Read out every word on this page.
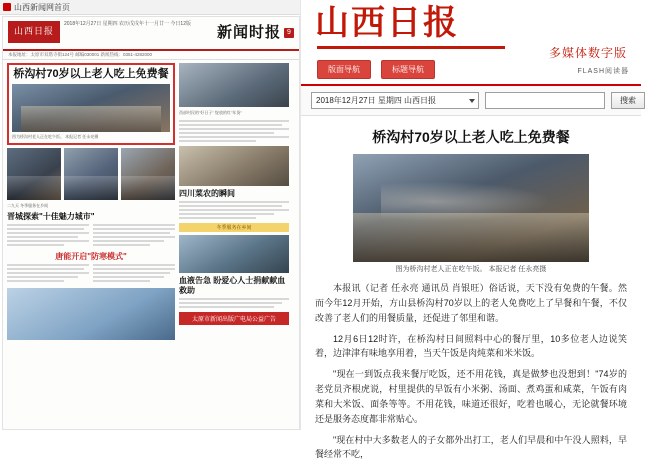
山西新闻网首页
山西日报
2018年12月27日 星期四 农历戊戌年十一月廿一 今日12版	新闻时报 9
本报地址：太原市双塔寺街124号 邮编030001 新闻热线：0351-4282000
桥沟村70岁以上老人吃上免费餐
图为桥沟村老人正在吃午饭。 本报记者 任永亮摄
二九天 冬季服务在乡间
晋城探索"十佳魅力城市"
唐能开启"防寒模式"
西部村民的"好日子" 绽放的红"年货"
四川菜农的瞬间
冬季服务在乡间
血液告急 盼爱心人士捐献献血救助
太原市新闻出版广电局公益广告
山西日报
多媒体数字版
版面导航	标题导航	FLASH阅读器
2018年12月27日 星期四 山西日报	搜索
桥沟村70岁以上老人吃上免费餐
图为桥沟村老人正在吃午饭。 本报记者 任永亮摄

本报讯（记者 任永亮 通讯员 肖银旺）俗话说，天下没有免费的午餐。然而今年12月开始，方山县桥沟村70岁以上的老人免费吃上了早餐和午餐，不仅改善了老人们的用餐质量，还促进了邻里和谐。

12月6日12时许，在桥沟村日间照料中心的餐厅里，10多位老人边说笑着，边津津有味地享用着，当天午饭是肉炖菜和米米饭。

"现在一到饭点我来餐厅吃饭，还不用花钱，真是做梦也没想到！"74岁的老党员齐根虎说，村里提供的早饭有小米粥、汤面、煮鸡蛋和咸菜，午饭有肉菜和大米饭、面条等等。不用花钱，味道还很好，吃着也暖心，无论就餐环境还是服务态度都非常贴心。

"现在村中大多数老人的子女都外出打工，老人们早晨和中午没人照料，早餐经常不吃，
